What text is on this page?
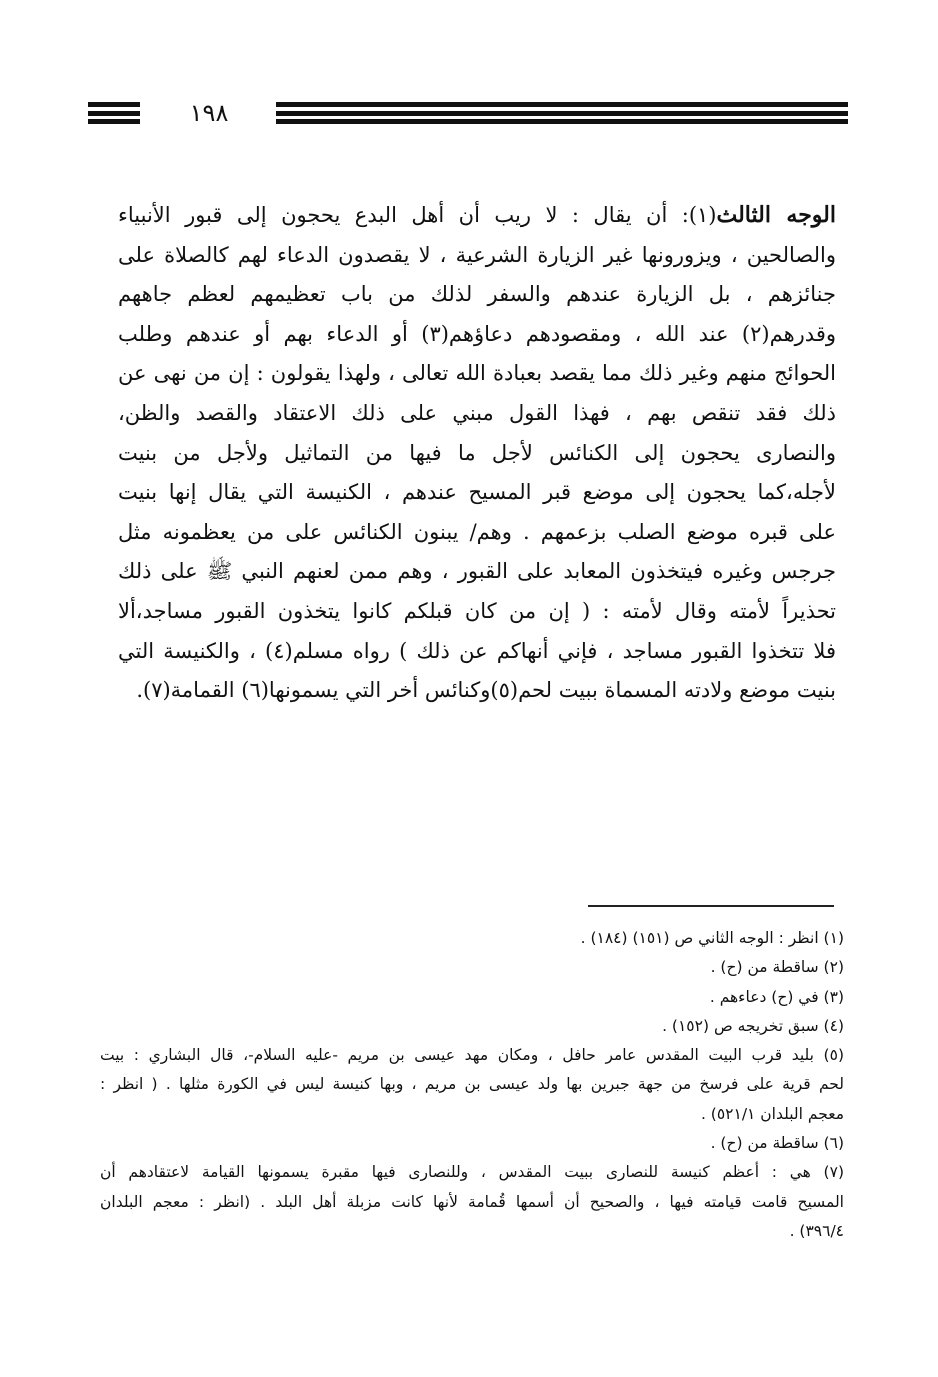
١٩٨
الوجه الثالث(١): أن يقال : لا ريب أن أهل البدع يحجون إلى قبور الأنبياء
والصالحين ، ويزورونها غير الزيارة الشرعية ، لا يقصدون الدعاء لهم كالصلاة على
جنائزهم ، بل الزيارة عندهم والسفر لذلك من باب تعظيمهم لعظم جاههم
وقدرهم(٢) عند الله ، ومقصودهم دعاؤهم(٣) أو الدعاء بهم أو عندهم وطلب
الحوائج منهم وغير ذلك مما يقصد بعبادة الله تعالى ، ولهذا يقولون : إن من نهى عن
ذلك فقد تنقص بهم ، فهذا القول مبني على ذلك الاعتقاد والقصد والظن،
والنصارى يحجون إلى الكنائس لأجل ما فيها من التماثيل ولأجل من بنيت
لأجله،كما يحجون إلى موضع قبر المسيح عندهم ، الكنيسة التي يقال إنها بنيت
على قبره موضع الصلب بزعمهم . وهم/ يبنون الكنائس على من يعظمونه مثل
جرجس وغيره فيتخذون المعابد على القبور ، وهم ممن لعنهم النبي ﷺ على ذلك
تحذيراً لأمته وقال لأمته : ( إن من كان قبلكم كانوا يتخذون القبور مساجد،ألا
فلا تتخذوا القبور مساجد ، فإني أنهاكم عن ذلك ) رواه مسلم(٤) ، والكنيسة التي
بنيت موضع ولادته المسماة ببيت لحم(٥)وكنائس أخر التي يسمونها(٦) القمامة(٧).
(١) انظر : الوجه الثاني ص (١٥١) (١٨٤) .
(٢) ساقطة من (ح) .
(٣) في (ح) دعاءهم .
(٤) سبق تخريجه ص (١٥٢) .
(٥) بليد قرب البيت المقدس عامر حافل ، ومكان مهد عيسى بن مريم -عليه السلام-، قال البشاري : بيت
لحم قرية على فرسخ من جهة جبرين بها ولد عيسى بن مريم ، وبها كنيسة ليس في الكورة مثلها . ( انظر :
معجم البلدان ٥٢١/١) .
(٦) ساقطة من (ح) .
(٧) هي : أعظم كنيسة للنصارى ببيت المقدس ، وللنصارى فيها مقبرة يسمونها القيامة لاعتقادهم أن
المسيح قامت قيامته فيها ، والصحيح أن أسمها قُمامة لأنها كانت مزبلة أهل البلد . (انظر : معجم البلدان
٣٩٦/٤) .
